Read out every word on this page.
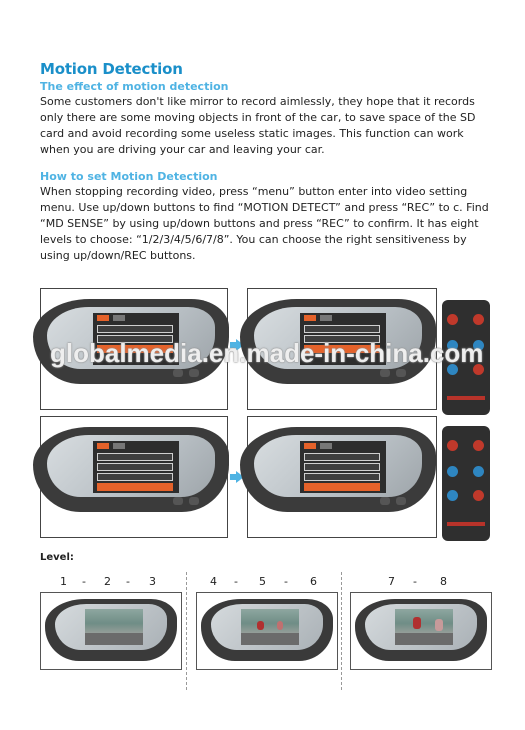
Motion Detection
The effect of motion detection
Some customers don't like mirror to record aimlessly, they hope that it records only there are some moving objects in front of the car, to save space of the SD card and avoid recording some useless static images. This function can work when you are driving your car and leaving your car.
How to set Motion Detection
When stopping recording video, press “menu” button enter into video setting menu. Use up/down buttons to find “MOTION DETECT” and press “REC” to c. Find “MD SENSE” by using up/down buttons and press “REC” to confirm. It has eight levels to choose: “1/2/3/4/5/6/7/8”. You can choose the right sensitiveness by using up/down/REC buttons.
globalmedia.en.made-in-china.com
Level:
1 - 2 - 3	4 - 5 - 6	7 - 8
